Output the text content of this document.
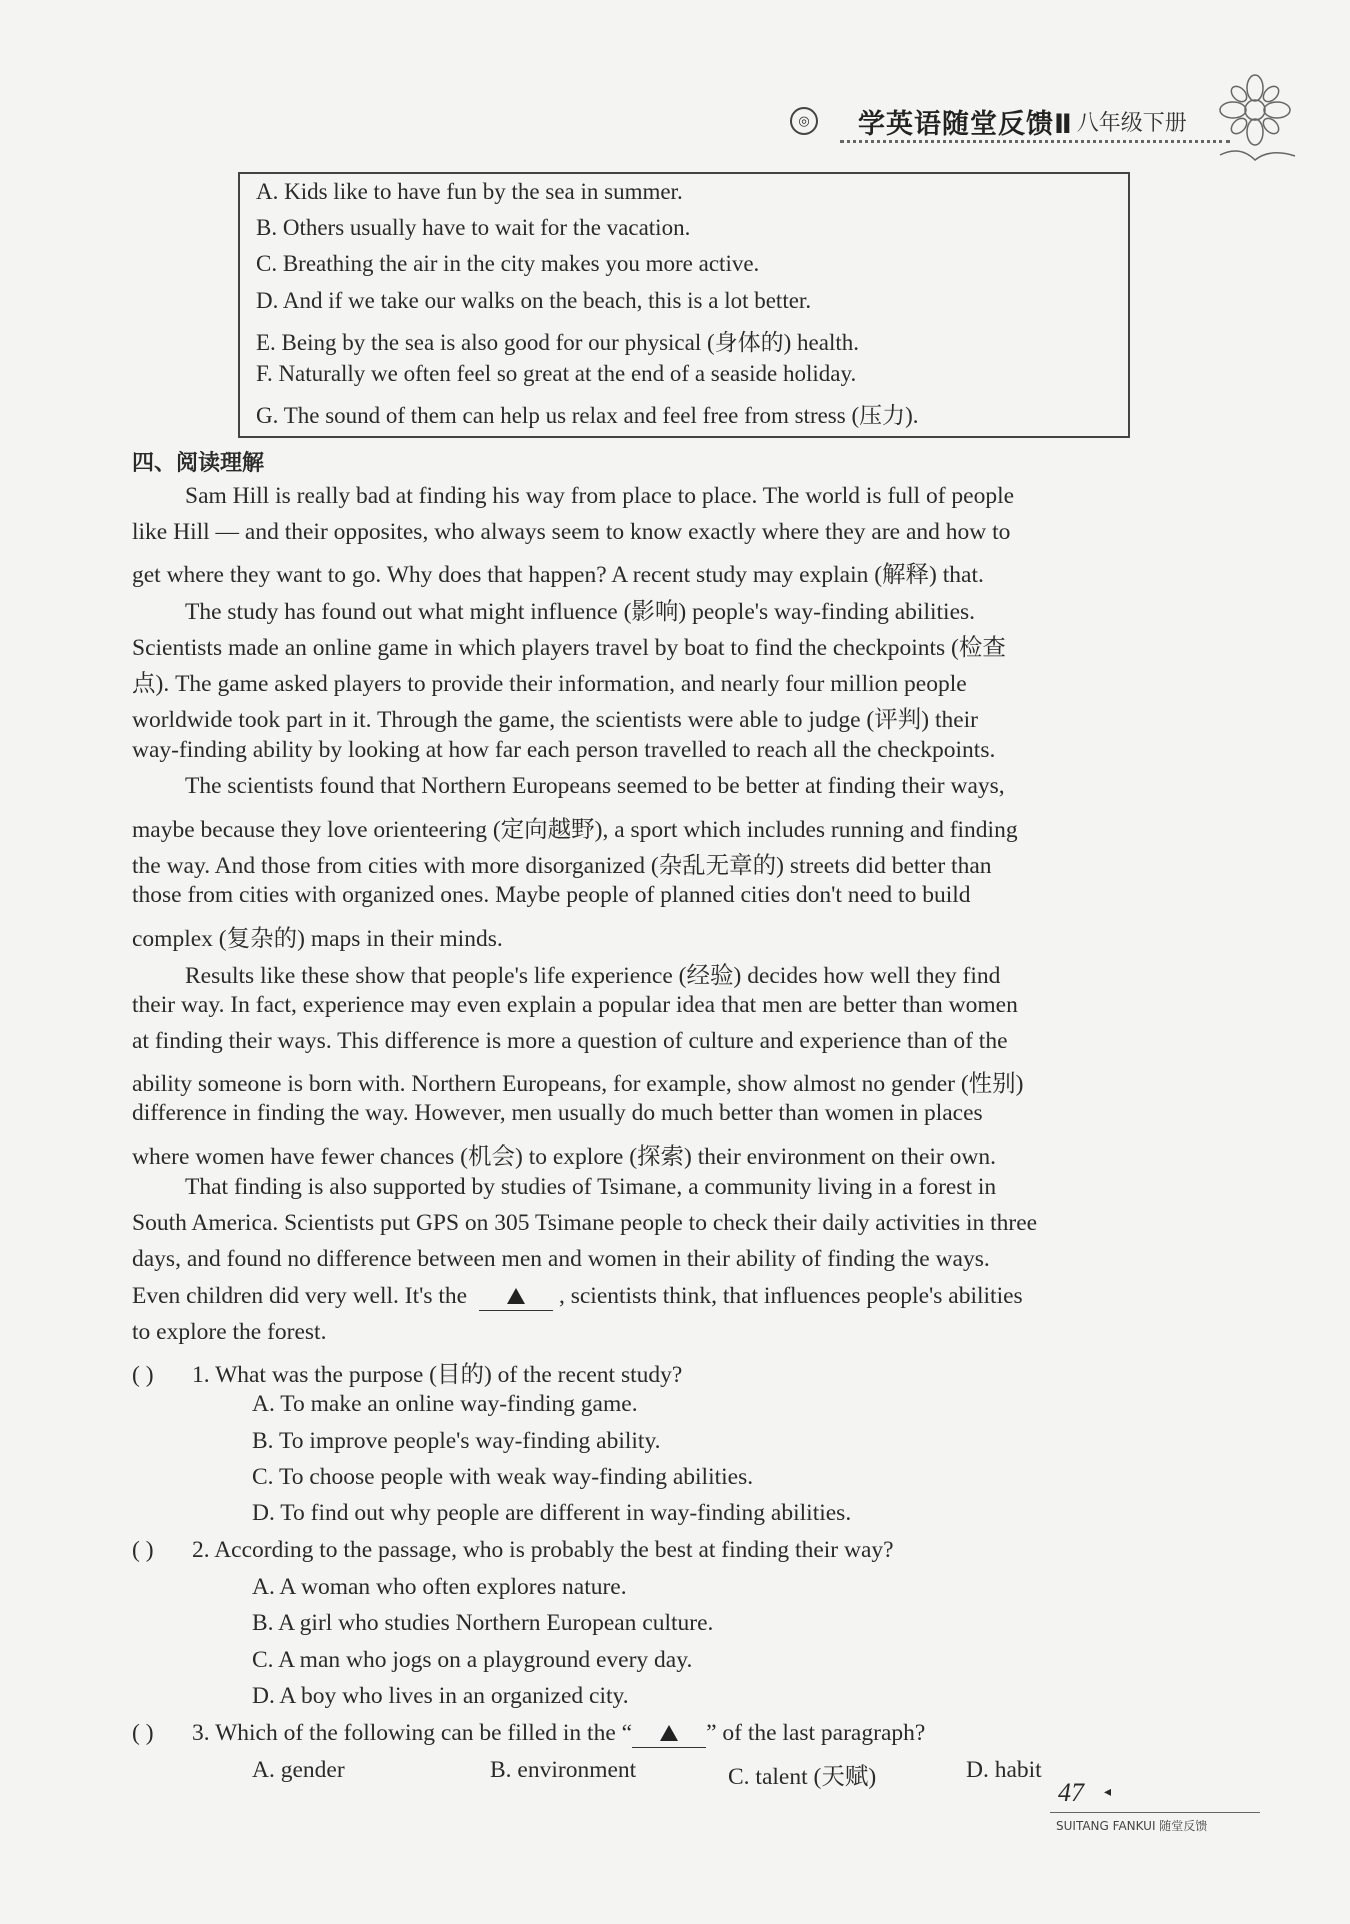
◎	学英语随堂反馈Ⅱ 八年级下册
A. Kids like to have fun by the sea in summer.
B. Others usually have to wait for the vacation.
C. Breathing the air in the city makes you more active.
D. And if we take our walks on the beach, this is a lot better.
E. Being by the sea is also good for our physical (身体的) health.
F. Naturally we often feel so great at the end of a seaside holiday.
G. The sound of them can help us relax and feel free from stress (压力).
四、阅读理解
Sam Hill is really bad at finding his way from place to place. The world is full of people
like Hill — and their opposites, who always seem to know exactly where they are and how to
get where they want to go. Why does that happen? A recent study may explain (解释) that.
The study has found out what might influence (影响) people's way-finding abilities.
Scientists made an online game in which players travel by boat to find the checkpoints (检查
点). The game asked players to provide their information, and nearly four million people
worldwide took part in it. Through the game, the scientists were able to judge (评判) their
way-finding ability by looking at how far each person travelled to reach all the checkpoints.
The scientists found that Northern Europeans seemed to be better at finding their ways,
maybe because they love orienteering (定向越野), a sport which includes running and finding
the way. And those from cities with more disorganized (杂乱无章的) streets did better than
those from cities with organized ones. Maybe people of planned cities don't need to build
complex (复杂的) maps in their minds.
Results like these show that people's life experience (经验) decides how well they find
their way. In fact, experience may even explain a popular idea that men are better than women
at finding their ways. This difference is more a question of culture and experience than of the
ability someone is born with. Northern Europeans, for example, show almost no gender (性别)
difference in finding the way. However, men usually do much better than women in places
where women have fewer chances (机会) to explore (探索) their environment on their own.
That finding is also supported by studies of Tsimane, a community living in a forest in
South America. Scientists put GPS on 305 Tsimane people to check their daily activities in three
days, and found no difference between men and women in their ability of finding the ways.
Even children did very well. It's the	, scientists think, that influences people's abilities
to explore the forest.
( ) 1. What was the purpose (目的) of the recent study?
A. To make an online way-finding game.
B. To improve people's way-finding ability.
C. To choose people with weak way-finding abilities.
D. To find out why people are different in way-finding abilities.
( ) 2. According to the passage, who is probably the best at finding their way?
A. A woman who often explores nature.
B. A girl who studies Northern European culture.
C. A man who jogs on a playground every day.
D. A boy who lives in an organized city.
( ) 3. Which of the following can be filled in the “	” of the last paragraph?
A. gender	B. environment	C. talent (天赋)	D. habit
47 ◂
SUITANG FANKUI 随堂反馈
